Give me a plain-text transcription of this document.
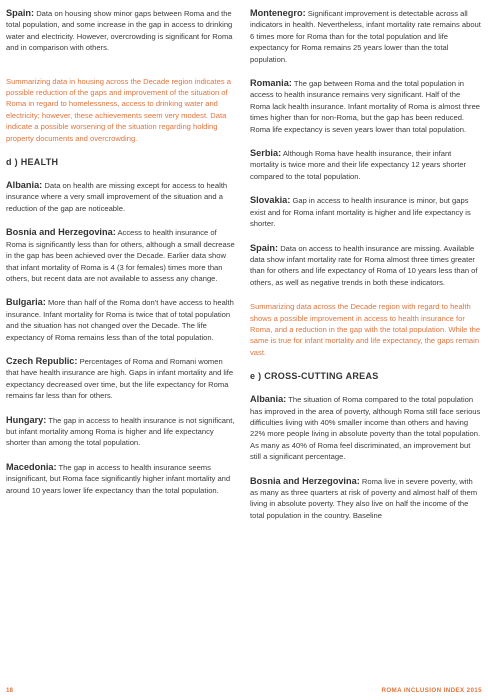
Spain: Data on housing show minor gaps between Roma and the total population, and some increase in the gap in access to drinking water and electricity. However, overcrowding is significant for Roma and in comparison with others.

Summarizing data in housing across the Decade region indicates a possible reduction of the gaps and improvement of the situation of Roma in regard to homelessness, access to drinking water and electricity; however, these achievements seem very modest. Data indicate a possible worsening of the situation regarding holding property documents and overcrowding.

d ) HEALTH

Albania: Data on health are missing except for access to health insurance where a very small improvement of the situation and a reduction of the gap are noticeable.

Bosnia and Herzegovina: Access to health insurance of Roma is significantly less than for others, although a small decrease in the gap has been achieved over the Decade. Earlier data show that infant mortality of Roma is 4 (3 for females) times more than others, but recent data are not available to assess any change.

Bulgaria: More than half of the Roma don't have access to health insurance. Infant mortality for Roma is twice that of total population and the situation has not changed over the Decade. The life expectancy of Roma remains less than of the total population.

Czech Republic: Percentages of Roma and Romani women that have health insurance are high. Gaps in infant mortality and life expectancy decreased over time, but the life expectancy for Roma remains far less than for others.

Hungary: The gap in access to health insurance is not significant, but infant mortality among Roma is higher and life expectancy shorter than among the total population.

Macedonia: The gap in access to health insurance seems insignificant, but Roma face significantly higher infant mortality and around 10 years lower life expectancy than the total population.

Montenegro: Significant improvement is detectable across all indicators in health. Nevertheless, infant mortality rate remains about 6 times more for Roma than for the total population and life expectancy for Roma remains 25 years lower than the total population.

Romania: The gap between Roma and the total population in access to health insurance remains very significant. Half of the Roma lack health insurance. Infant mortality of Roma is almost three times higher than for non-Roma, but the gap has been reduced. Roma life expectancy is seven years lower than total population.

Serbia: Although Roma have health insurance, their infant mortality is twice more and their life expectancy 12 years shorter compared to the total population.

Slovakia: Gap in access to health insurance is minor, but gaps exist and for Roma infant mortality is higher and life expectancy is shorter.

Spain: Data on access to health insurance are missing. Available data show infant mortality rate for Roma almost three times greater than for others and life expectancy of Roma of 10 years less than of others, as well as negative trends in both these indicators.

Summarizing data across the Decade region with regard to health shows a possible improvement in access to health insurance for Roma, and a reduction in the gap with the total population. While the same is true for infant mortality and life expectancy, the gaps remain vast.

e ) CROSS-CUTTING AREAS

Albania: The situation of Roma compared to the total population has improved in the area of poverty, although Roma still face serious difficulties living with 40% smaller income than others and having 22% more people living in absolute poverty than the total population. As many as 40% of Roma feel discriminated, an improvement but still a significant percentage.

Bosnia and Herzegovina: Roma live in severe poverty, with as many as three quarters at risk of poverty and almost half of them living in absolute poverty. They also live on half the income of the total population in the country. Baseline

18	ROMA INCLUSION INDEX 2015
